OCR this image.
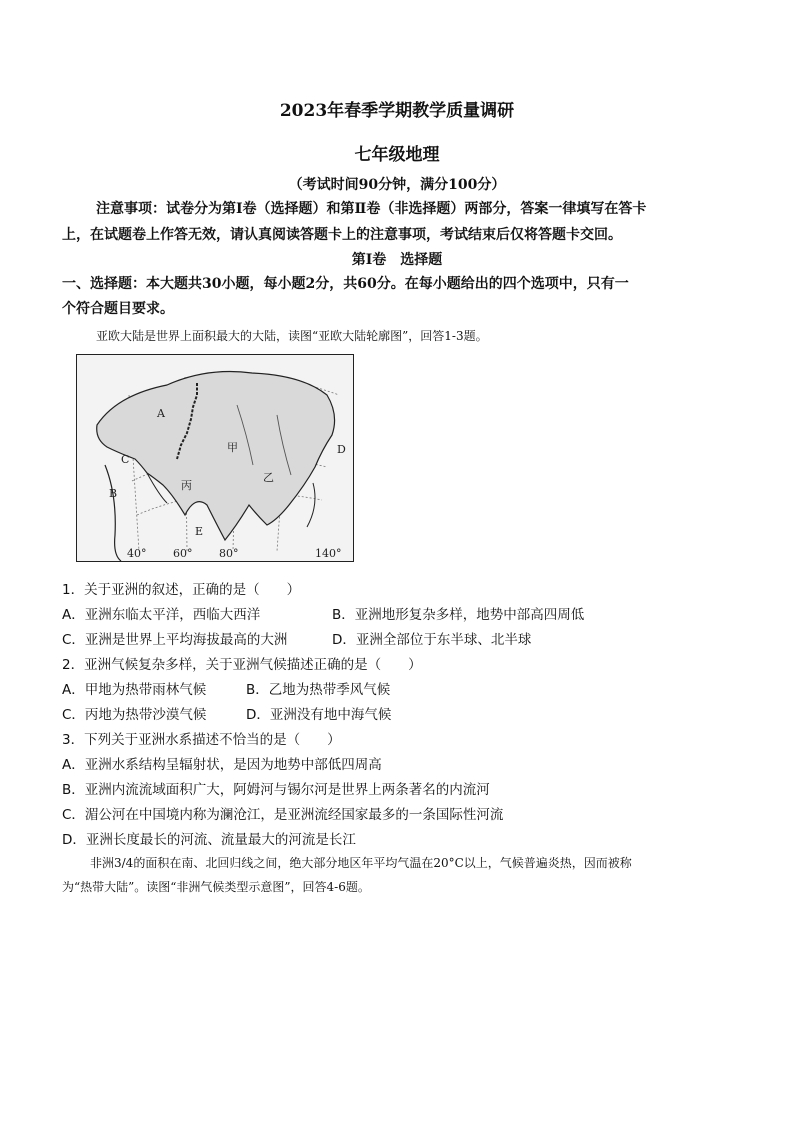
2023年春季学期教学质量调研
七年级地理
（考试时间90分钟，满分100分）
注意事项：试卷分为第Ⅰ卷（选择题）和第Ⅱ卷（非选择题）两部分，答案一律填写在答卡
上，在试题卷上作答无效，请认真阅读答题卡上的注意事项，考试结束后仅将答题卡交回。
第Ⅰ卷　选择题
一、选择题：本大题共30小题，每小题2分，共60分。在每小题给出的四个选项中，只有一
个符合题目要求。
亚欧大陆是世界上面积最大的大陆，读图“亚欧大陆轮廓图”，回答1-3题。
A
C
B
D
E
甲
乙
丙
40° 60° 80°	140°
1．关于亚洲的叙述，正确的是（　　）
A．亚洲东临太平洋，西临大西洋	B．亚洲地形复杂多样，地势中部高四周低
C．亚洲是世界上平均海拔最高的大洲	D．亚洲全部位于东半球、北半球
2．亚洲气候复杂多样，关于亚洲气候描述正确的是（　　）
A．甲地为热带雨林气候	B．乙地为热带季风气候
C．丙地为热带沙漠气候	D．亚洲没有地中海气候
3．下列关于亚洲水系描述不恰当的是（　　）
A．亚洲水系结构呈辐射状，是因为地势中部低四周高
B．亚洲内流流域面积广大，阿姆河与锡尔河是世界上两条著名的内流河
C．湄公河在中国境内称为澜沧江，是亚洲流经国家最多的一条国际性河流
D．亚洲长度最长的河流、流量最大的河流是长江
非洲3/4的面积在南、北回归线之间，绝大部分地区年平均气温在20°C以上，气候普遍炎热，因而被称
为“热带大陆”。读图“非洲气候类型示意图”，回答4-6题。
